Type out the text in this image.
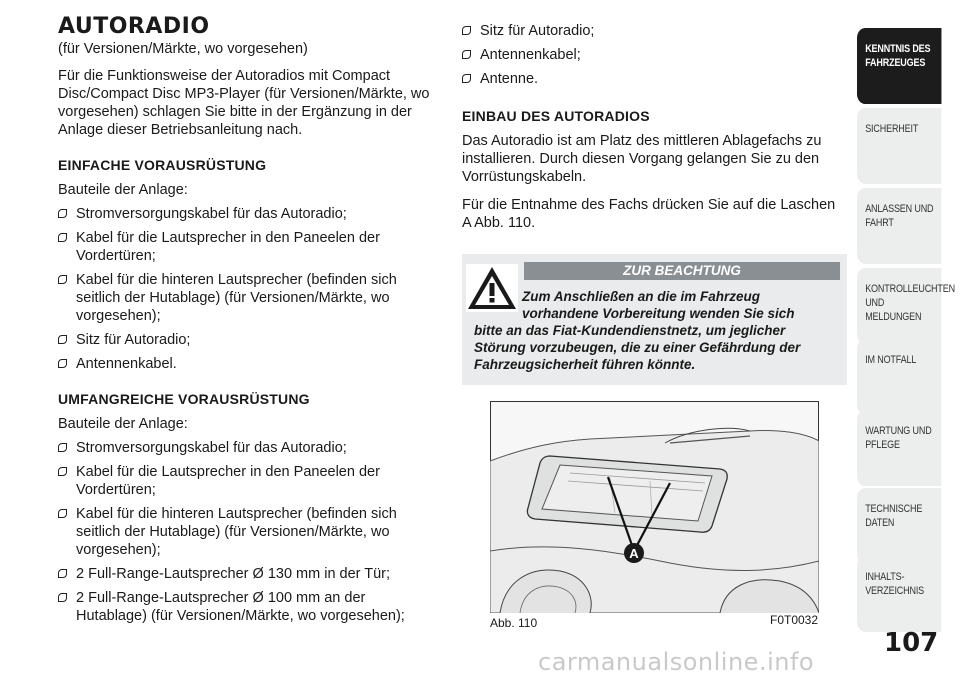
AUTORADIO
(für Versionen/Märkte, wo vorgesehen)

Für die Funktionsweise der Autoradios mit Compact Disc/Compact Disc MP3-Player (für Versionen/Märkte, wo vorgesehen) schlagen Sie bitte in der Ergänzung in der Anlage dieser Betriebsanleitung nach.

EINFACHE VORAUSRÜSTUNG

Bauteile der Anlage:

Stromversorgungskabel für das Autoradio;
Kabel für die Lautsprecher in den Paneelen der Vordertüren;
Kabel für die hinteren Lautsprecher (befinden sich seitlich der Hutablage) (für Versionen/Märkte, wo vorgesehen);
Sitz für Autoradio;
Antennenkabel.
UMFANGREICHE VORAUSRÜSTUNG

Bauteile der Anlage:

Stromversorgungskabel für das Autoradio;
Kabel für die Lautsprecher in den Paneelen der Vordertüren;
Kabel für die hinteren Lautsprecher (befinden sich seitlich der Hutablage) (für Versionen/Märkte, wo vorgesehen);
2 Full-Range-Lautsprecher Ø 130 mm in der Tür;
2 Full-Range-Lautsprecher Ø 100 mm an der Hutablage) (für Versionen/Märkte, wo vorgesehen);
Sitz für Autoradio;
Antennenkabel;
Antenne.
EINBAU DES AUTORADIOS

Das Autoradio ist am Platz des mittleren Ablagefachs zu installieren. Durch diesen Vorgang gelangen Sie zu den Vorrüstungskabeln.

Für die Entnahme des Fachs drücken Sie auf die Laschen A Abb. 110.

ZUR BEACHTUNG
Zum Anschließen an die im Fahrzeug
vorhandene Vorbereitung wenden Sie sich
bitte an das Fiat-Kundendienstnetz, um jeglicher Störung vorzubeugen, die zu einer Gefährdung der Fahrzeugsicherheit führen könnte.
A
Abb. 110	F0T0032
KENNTNIS DES
FAHRZEUGES
SICHERHEIT
ANLASSEN UND
FAHRT
KONTROLLEUCHTEN
UND MELDUNGEN
IM NOTFALL
WARTUNG UND
PFLEGE
TECHNISCHE DATEN
INHALTS-
VERZEICHNIS
107
carmanualsonline.info
